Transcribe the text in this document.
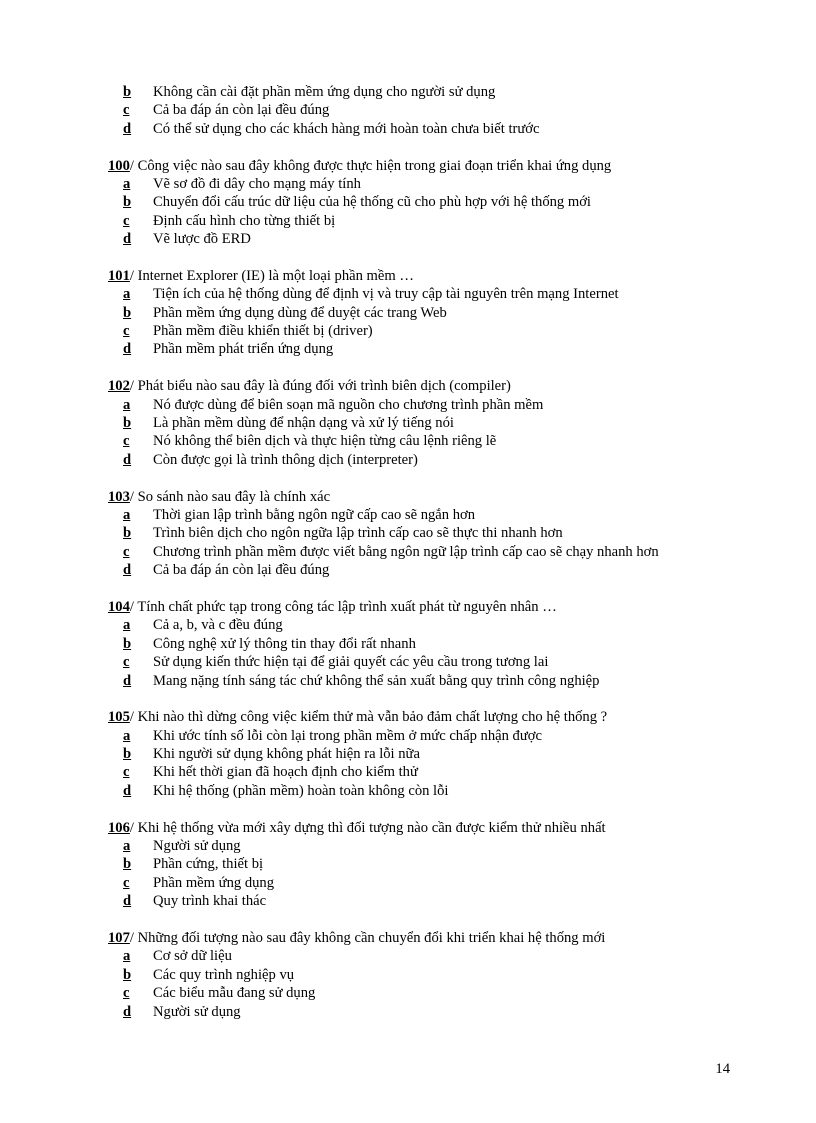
b Không cần cài đặt phần mềm ứng dụng cho người sử dụng
c	Cả ba đáp án còn lại đều đúng
d Có thể sử dụng cho các khách hàng mới hoàn toàn chưa biết trước
100/ Công việc nào sau đây không được thực hiện trong giai đoạn triển khai ứng dụng
a	Vẽ sơ đồ đi dây cho mạng máy tính
b Chuyển đổi cấu trúc dữ liệu của hệ thống cũ cho phù hợp với hệ thống mới
c	Định cấu hình cho từng thiết bị
d Vẽ lược đồ ERD
101/ Internet Explorer (IE) là một loại phần mềm …
a	Tiện ích của hệ thống dùng để định vị và truy cập tài nguyên trên mạng Internet
b Phần mềm ứng dụng dùng để duyệt các trang Web
c	Phần mềm điều khiển thiết bị (driver)
d Phần mềm phát triển ứng dụng
102/ Phát biểu nào sau đây là đúng đối với trình biên dịch (compiler)
a	Nó được dùng để biên soạn mã nguồn cho chương trình phần mềm
b Là phần mềm dùng để nhận dạng và xử lý tiếng nói
c	Nó không thể biên dịch và thực hiện từng câu lệnh riêng lẽ
d Còn được gọi là trình thông dịch (interpreter)
103/ So sánh nào sau đây là chính xác
a	Thời gian lập trình bằng ngôn ngữ cấp cao sẽ ngắn hơn
b Trình biên dịch cho ngôn ngữa lập trình cấp cao sẽ thực thi nhanh hơn
c	Chương trình phần mềm được viết bằng ngôn ngữ lập trình cấp cao sẽ chạy nhanh hơn
d Cả ba đáp án còn lại đều đúng
104/ Tính chất phức tạp trong công tác lập trình xuất phát từ nguyên nhân …
a	Cả a, b, và c đều đúng
b Công nghệ xử lý thông tin thay đổi rất nhanh
c	Sử dụng kiến thức hiện tại để giải quyết các yêu cầu trong tương lai
d Mang nặng tính sáng tác chứ không thể sản xuất bằng quy trình công nghiệp
105/ Khi nào thì dừng công việc kiểm thử mà vẫn bảo đảm chất lượng cho hệ thống ?
a	Khi ước tính số lỗi còn lại trong phần mềm ở mức chấp nhận được
b Khi người sử dụng không phát hiện ra lỗi nữa
c	Khi hết thời gian đã hoạch định cho kiểm thử
d Khi hệ thống (phần mềm) hoàn toàn không còn lỗi
106/ Khi hệ thống vừa mới xây dựng thì đối tượng nào cần được kiểm thử nhiều nhất
a	Người sử dụng
b Phần cứng, thiết bị
c	Phần mềm ứng dụng
d Quy trình khai thác
107/ Những đối tượng nào sau đây không cần chuyển đổi khi triển khai hệ thống mới
a	Cơ sở dữ liệu
b Các quy trình nghiệp vụ
c	Các biểu mẫu đang sử dụng
d Người sử dụng
14
